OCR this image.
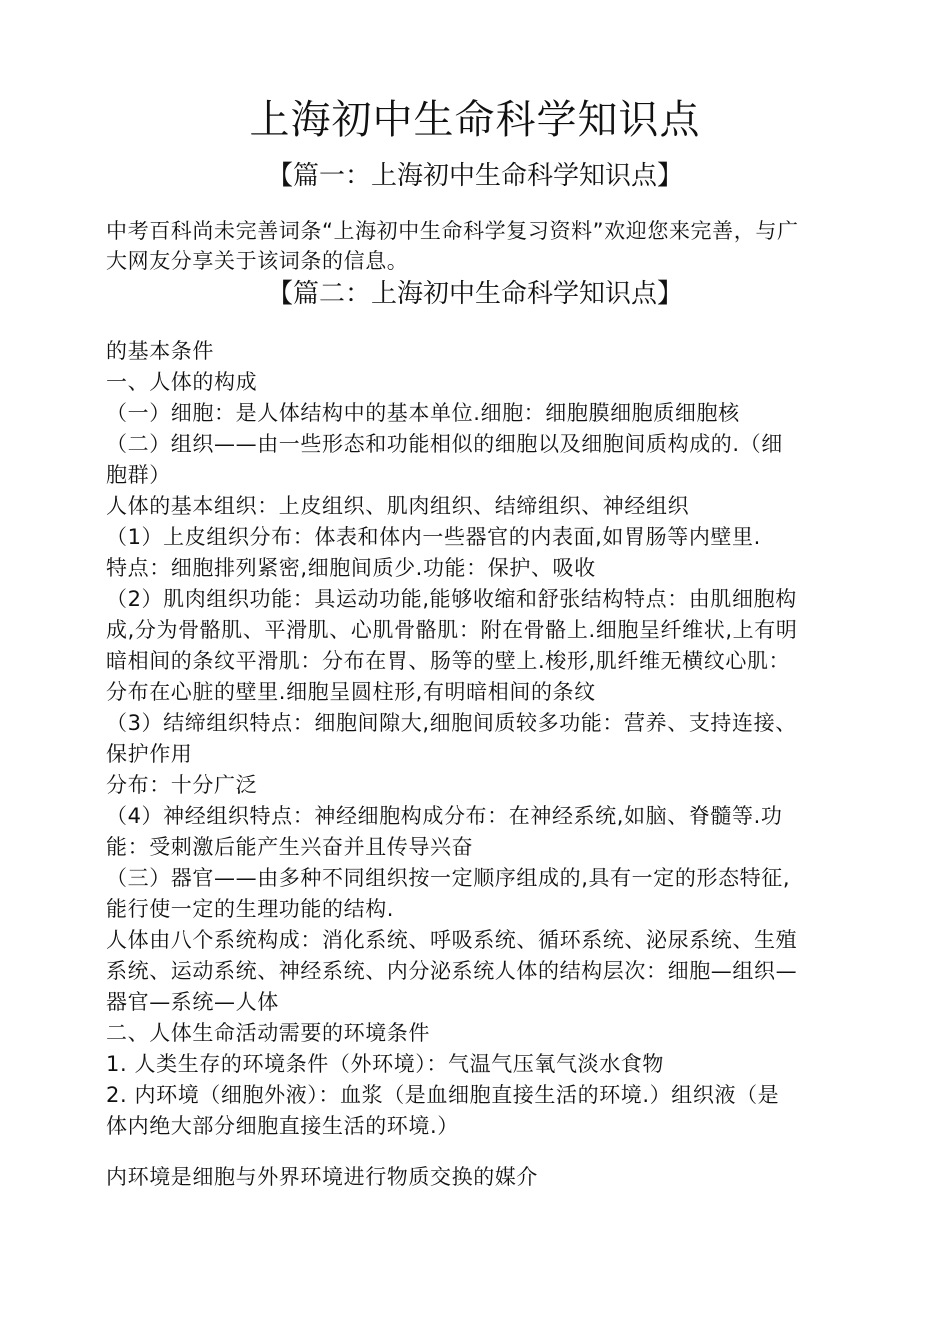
上海初中生命科学知识点
【篇一：上海初中生命科学知识点】
中考百科尚未完善词条“上海初中生命科学复习资料”欢迎您来完善，与广
大网友分享关于该词条的信息。
【篇二：上海初中生命科学知识点】
的基本条件
一、人体的构成
（一）细胞：是人体结构中的基本单位.细胞：细胞膜细胞质细胞核
（二）组织——由一些形态和功能相似的细胞以及细胞间质构成的.（细
胞群）
人体的基本组织：上皮组织、肌肉组织、结缔组织、神经组织
（1）上皮组织分布：体表和体内一些器官的内表面,如胃肠等内壁里.
特点：细胞排列紧密,细胞间质少.功能：保护、吸收
（2）肌肉组织功能：具运动功能,能够收缩和舒张结构特点：由肌细胞构
成,分为骨骼肌、平滑肌、心肌骨骼肌：附在骨骼上.细胞呈纤维状,上有明
暗相间的条纹平滑肌：分布在胃、肠等的壁上.梭形,肌纤维无横纹心肌：
分布在心脏的壁里.细胞呈圆柱形,有明暗相间的条纹
（3）结缔组织特点：细胞间隙大,细胞间质较多功能：营养、支持连接、
保护作用
分布：十分广泛
（4）神经组织特点：神经细胞构成分布：在神经系统,如脑、脊髓等.功
能：受刺激后能产生兴奋并且传导兴奋
（三）器官——由多种不同组织按一定顺序组成的,具有一定的形态特征,
能行使一定的生理功能的结构.
人体由八个系统构成：消化系统、呼吸系统、循环系统、泌尿系统、生殖
系统、运动系统、神经系统、内分泌系统人体的结构层次：细胞—组织—
器官—系统—人体
二、人体生命活动需要的环境条件
1. 人类生存的环境条件（外环境）：气温气压氧气淡水食物
2. 内环境（细胞外液）：血浆（是血细胞直接生活的环境.）组织液（是
体内绝大部分细胞直接生活的环境.）
内环境是细胞与外界环境进行物质交换的媒介
